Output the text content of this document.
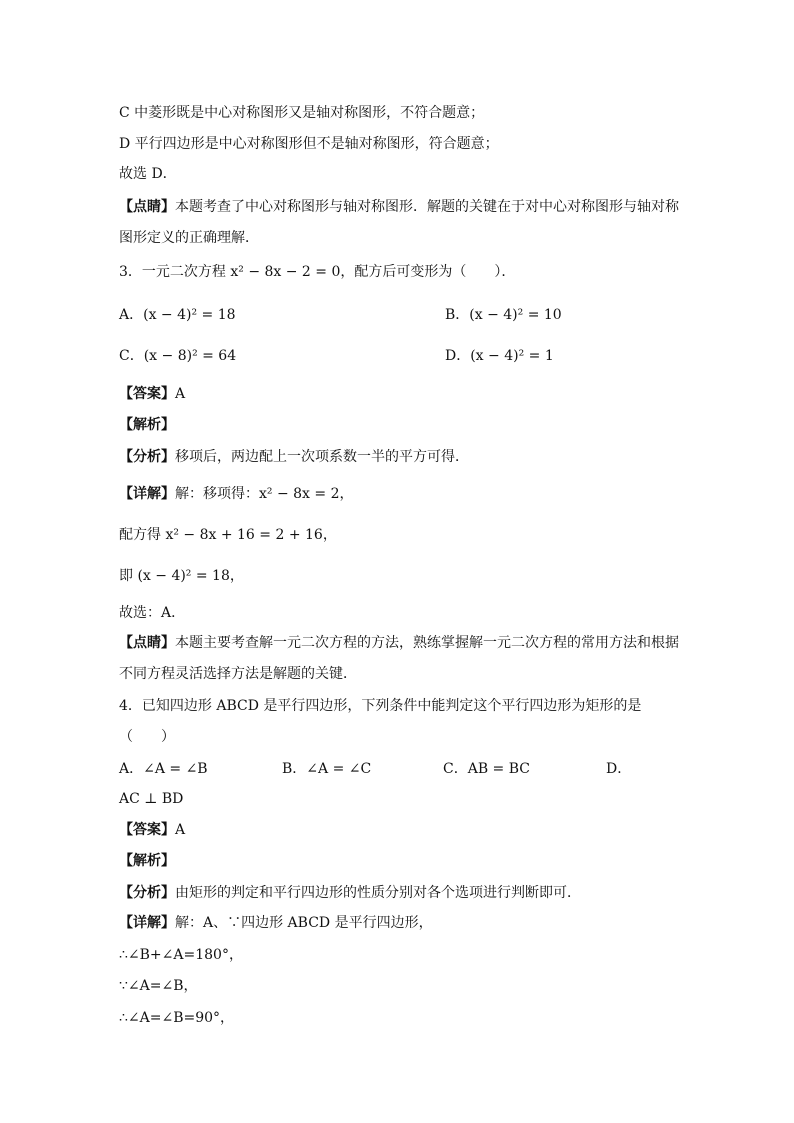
C 中菱形既是中心对称图形又是轴对称图形，不符合题意；
D 平行四边形是中心对称图形但不是轴对称图形，符合题意；
故选 D．
【点睛】本题考查了中心对称图形与轴对称图形．解题的关键在于对中心对称图形与轴对称
图形定义的正确理解．
3．一元二次方程 x² − 8x − 2 = 0，配方后可变形为（　　）．
A．(x − 4)² = 18	B．(x − 4)² = 10
C．(x − 8)² = 64	D．(x − 4)² = 1
【答案】A
【解析】
【分析】移项后，两边配上一次项系数一半的平方可得．
【详解】解：移项得：x² − 8x = 2，
配方得 x² − 8x + 16 = 2 + 16，
即 (x − 4)² = 18，
故选：A．
【点睛】本题主要考查解一元二次方程的方法，熟练掌握解一元二次方程的常用方法和根据
不同方程灵活选择方法是解题的关键．
4．已知四边形 ABCD 是平行四边形，下列条件中能判定这个平行四边形为矩形的是
（　　）
A．∠A = ∠B	B．∠A = ∠C	C．AB = BC	D．
AC ⊥ BD
【答案】A
【解析】
【分析】由矩形的判定和平行四边形的性质分别对各个选项进行判断即可．
【详解】解：A、∵四边形 ABCD 是平行四边形，
∴∠B+∠A=180°，
∵∠A=∠B，
∴∠A=∠B=90°，
